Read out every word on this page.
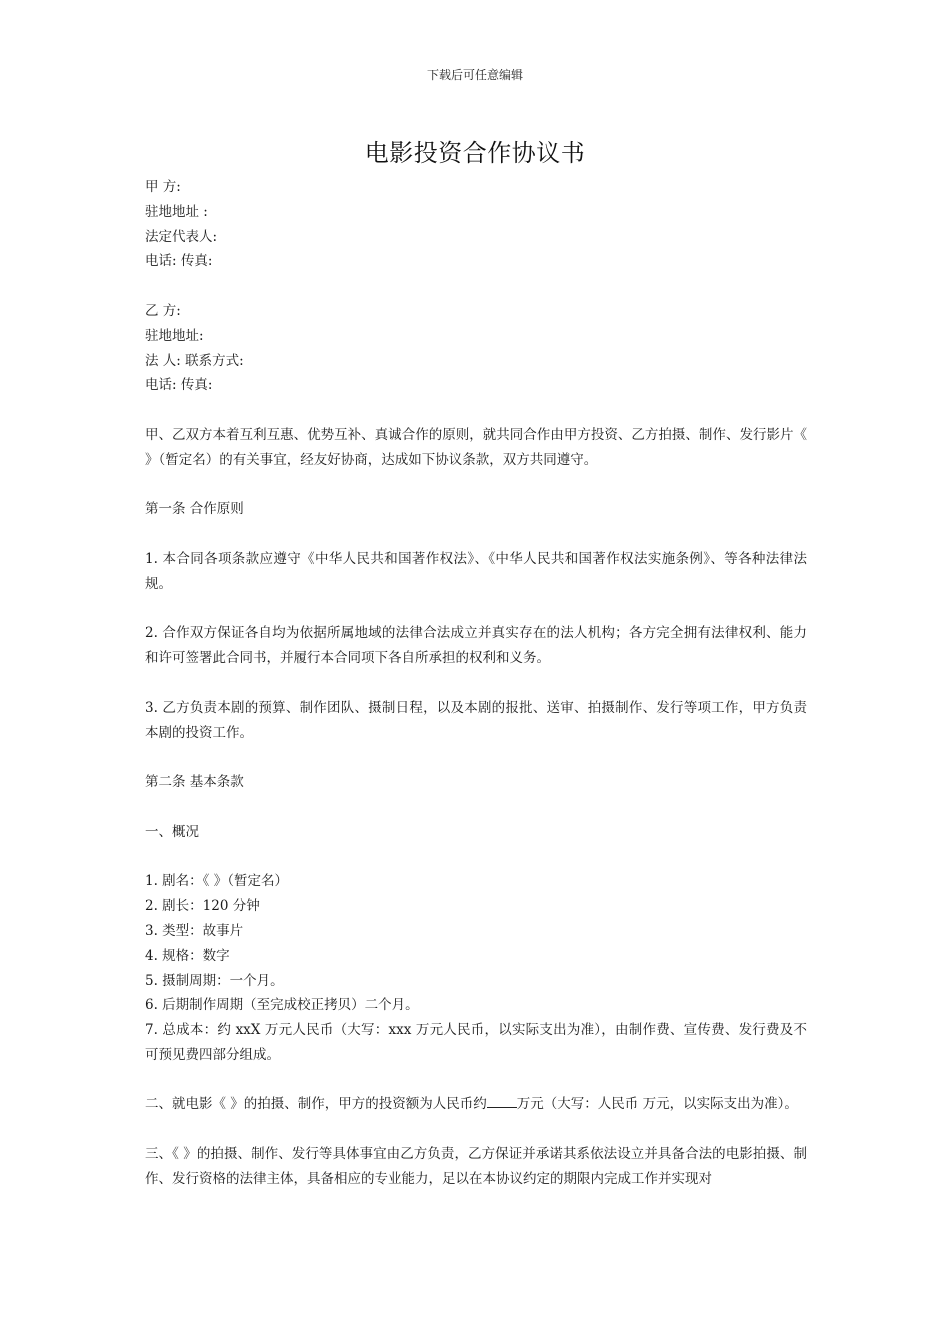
下载后可任意编辑
电影投资合作协议书
甲 方:
驻地地址 :
法定代表人:
电话: 传真:
乙 方:
驻地地址:
法 人: 联系方式:
电话: 传真:
甲、乙双方本着互利互惠、优势互补、真诚合作的原则，就共同合作由甲方投资、乙方拍摄、制作、发行影片《 》（暂定名）的有关事宜，经友好协商，达成如下协议条款，双方共同遵守。
第一条 合作原则
1. 本合同各项条款应遵守《中华人民共和国著作权法》、《中华人民共和国著作权法实施条例》、等各种法律法规。
2. 合作双方保证各自均为依据所属地域的法律合法成立并真实存在的法人机构；各方完全拥有法律权利、能力和许可签署此合同书，并履行本合同项下各自所承担的权利和义务。
3. 乙方负责本剧的预算、制作团队、摄制日程，以及本剧的报批、送审、拍摄制作、发行等项工作，甲方负责本剧的投资工作。
第二条 基本条款
一、概况
1. 剧名：《 》（暂定名）
2. 剧长：120 分钟
3. 类型：故事片
4. 规格：数字
5. 摄制周期：一个月。
6. 后期制作周期（至完成校正拷贝）二个月。
7. 总成本：约 xxX 万元人民币（大写：xxx 万元人民币，以实际支出为准），由制作费、宣传费、发行费及不可预见费四部分组成。
二、就电影《 》的拍摄、制作，甲方的投资额为人民币约 万元（大写：人民币 万元，以实际支出为准）。
三、《 》的拍摄、制作、发行等具体事宜由乙方负责，乙方保证并承诺其系依法设立并具备合法的电影拍摄、制作、发行资格的法律主体，具备相应的专业能力，足以在本协议约定的期限内完成工作并实现对
